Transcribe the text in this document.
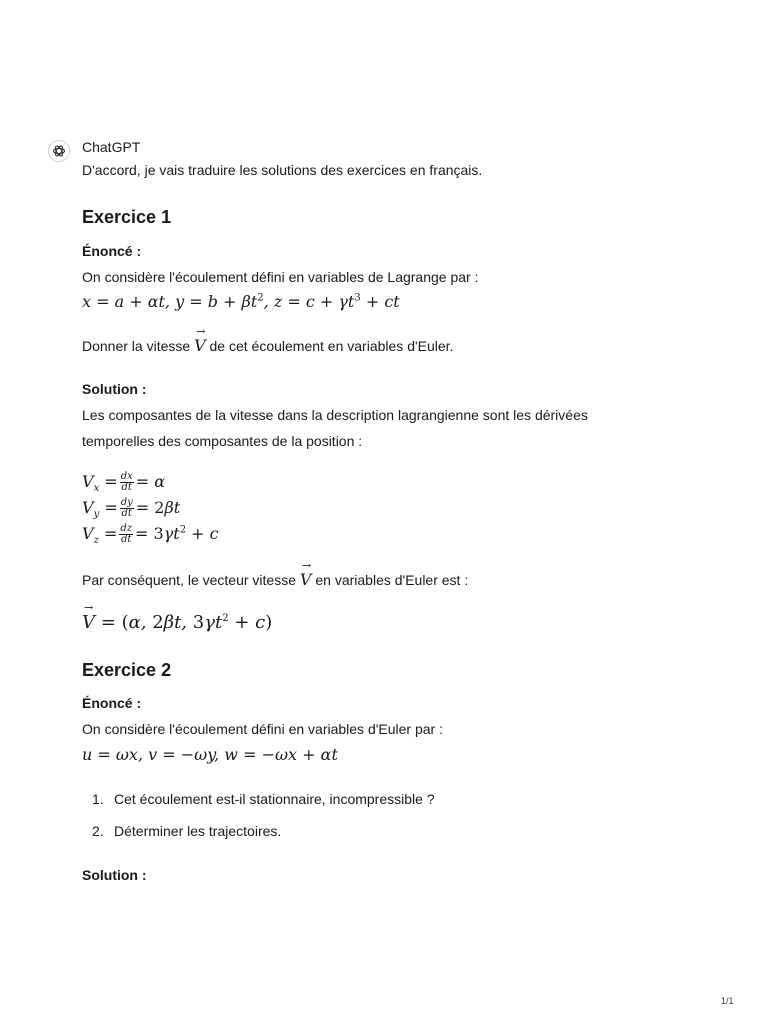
ChatGPT
D'accord, je vais traduire les solutions des exercices en français.
Exercice 1
Énoncé :
On considère l'écoulement défini en variables de Lagrange par :
x = a + αt, $y = b + \beta t^2$, $z = c + \gamma t^3$ + ct
Donner la vitesse → V de cet écoulement en variables d'Euler.
Solution :
Les composantes de la vitesse dans la description lagrangienne sont les dérivées
temporelles des composantes de la position :
$V_x = \frac{dx}{dt} = \alpha$
$V_y = \frac{dy}{dt} = 2\beta t$
$V_z = \frac{dz}{dt} = 3\gamma t^2 + c$
Par conséquent, le vecteur vitesse → V en variables d'Euler est :
→ V = (α, 2βt, $3\gamma t^2 + c$)
Exercice 2
Énoncé :
On considère l'écoulement défini en variables d'Euler par :
u = ωx, v = −ωy, w = −ωx + αt
1. Cet écoulement est-il stationnaire, incompressible ?
2. Déterminer les trajectoires.
Solution :
1/1
